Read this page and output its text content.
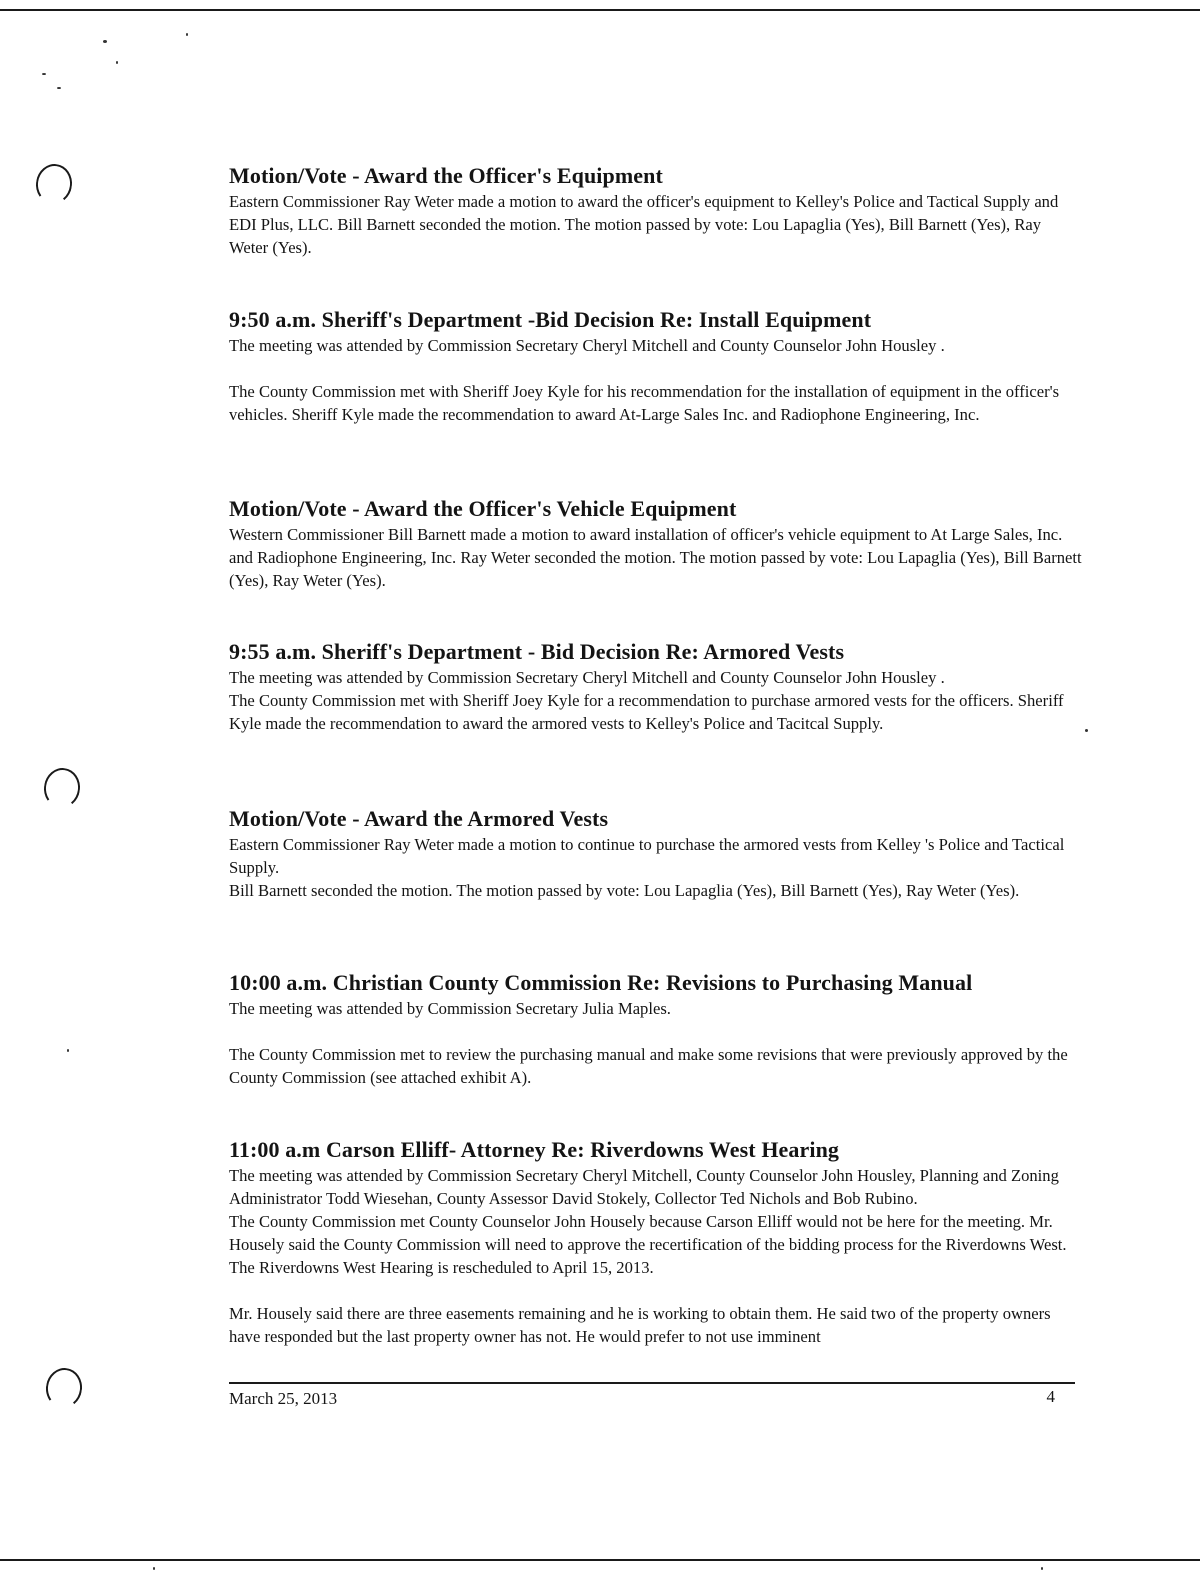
Motion/Vote - Award the Officer's Equipment

Eastern Commissioner Ray Weter made a motion to award the officer's equipment to Kelley's Police and Tactical Supply and EDI Plus, LLC. Bill Barnett seconded the motion. The motion passed by vote: Lou Lapaglia (Yes), Bill Barnett (Yes), Ray Weter (Yes).

9:50 a.m. Sheriff's Department -Bid Decision Re: Install Equipment

The meeting was attended by Commission Secretary Cheryl Mitchell and County Counselor John Housley .

The County Commission met with Sheriff Joey Kyle for his recommendation for the installation of equipment in the officer's vehicles. Sheriff Kyle made the recommendation to award At-Large Sales Inc. and Radiophone Engineering, Inc.

Motion/Vote - Award the Officer's Vehicle Equipment

Western Commissioner Bill Barnett made a motion to award installation of officer's vehicle equipment to At Large Sales, Inc. and Radiophone Engineering, Inc. Ray Weter seconded the motion. The motion passed by vote: Lou Lapaglia (Yes), Bill Barnett (Yes), Ray Weter (Yes).

9:55 a.m. Sheriff's Department - Bid Decision Re: Armored Vests

The meeting was attended by Commission Secretary Cheryl Mitchell and County Counselor John Housley .

The County Commission met with Sheriff Joey Kyle for a recommendation to purchase armored vests for the officers. Sheriff Kyle made the recommendation to award the armored vests to Kelley's Police and Tacitcal Supply.

Motion/Vote - Award the Armored Vests

Eastern Commissioner Ray Weter made a motion to continue to purchase the armored vests from Kelley 's Police and Tactical Supply.

Bill Barnett seconded the motion. The motion passed by vote: Lou Lapaglia (Yes), Bill Barnett (Yes), Ray Weter (Yes).

10:00 a.m. Christian County Commission Re: Revisions to Purchasing Manual

The meeting was attended by Commission Secretary Julia Maples.

The County Commission met to review the purchasing manual and make some revisions that were previously approved by the County Commission (see attached exhibit A).

11:00 a.m Carson Elliff- Attorney Re: Riverdowns West Hearing

The meeting was attended by Commission Secretary Cheryl Mitchell, County Counselor John Housley, Planning and Zoning Administrator Todd Wiesehan, County Assessor David Stokely, Collector Ted Nichols and Bob Rubino.

The County Commission met County Counselor John Housely because Carson Elliff would not be here for the meeting. Mr. Housely said the County Commission will need to approve the recertification of the bidding process for the Riverdowns West. The Riverdowns West Hearing is rescheduled to April 15, 2013.

Mr. Housely said there are three easements remaining and he is working to obtain them. He said two of the property owners have responded but the last property owner has not. He would prefer to not use imminent

March 25, 2013	4
